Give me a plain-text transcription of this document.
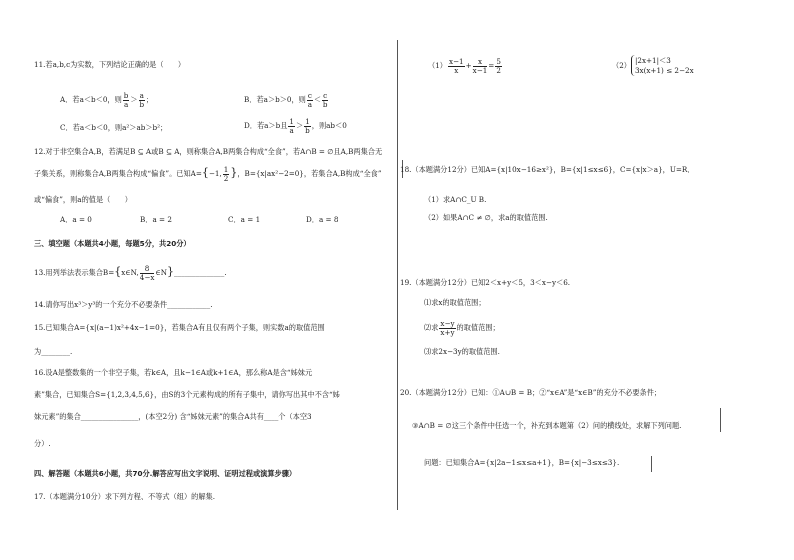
11.若a,b,c为实数，下列结论正确的是（　　）
A．若a＜b＜0，则 $\frac{b}{a} > \frac{a}{b}$ ；	B．若a＞b＞0，则 $\frac{c}{a} < \frac{c}{b}$
C．若a＜b＜0，则a²＞ab＞b²；	D．若a＞b且 $\frac{1}{a} > \frac{1}{b}$ ，则ab＜0
12.对于非空集合A,B，若满足B ⊆ A或B ⊆ A，则称集合A,B两集合构成“全食”，若A∩B = ∅且A,B两集合无
子集关系，则称集合A,B两集合构成“偏食”。已知A={−1, $\frac{1}{2}$ }，B={x|ax²−2=0}，若集合A,B构成“全食”
或“偏食”，则a的值是（　　）
A．a = 0	B．a = 2	C．a = 1	D．a = 8
三、填空题（本题共4小题，每题5分，共20分）
13.用列举法表示集合B={x∈N, $\frac{8}{4-x}$ ∈N}______________.
14.请你写出x³＞y³的一个充分不必要条件____________.
15.已知集合A={x|(a−1)x²+4x−1=0}，若集合A有且仅有两个子集，则实数a的取值范围
为________.
16.设A是整数集的一个非空子集，若k∈A，且k−1∈A或k+1∈A，那么称A是含“姊妹元
素”集合，已知集合S={1,2,3,4,5,6}，由S的3个元素构成的所有子集中，请你写出其中不含“姊
妹元素”的集合________________，(本空2分) 含“姊妹元素”的集合A共有____个（本空3
分）.
四、解答题（本题共6小题，共70分.解答应写出文字说明、证明过程或演算步骤）
17.（本题满分10分）求下列方程、不等式（组）的解集.
$(1) \frac{x-1}{x} + \frac{x}{x-1} = \frac{5}{2}$	（2）
|2x+1|＜3
3x(x+1) ≤ 2−2x
18.（本题满分12分）已知A={x|10x−16≥x²}，B={x|1≤x≤6}，C={x|x＞a}，U=R．
（1）求A∩C_U B.
（2）如果A∩C ≠ ∅，求a的取值范围.
19.（本题满分12分）已知2＜x+y＜5，3＜x−y＜6.
⑴求x的取值范围；
⑵求 $\frac{x-y}{x+y}$ 的取值范围；
⑶求2x−3y的取值范围.
20.（本题满分12分）已知：①A∪B = B；②“x∈A”是“x∈B”的充分不必要条件；
③A∩B = ∅这三个条件中任选一个，补充到本题第（2）问的横线处，求解下列问题.
问题：已知集合A={x|2a−1≤x≤a+1}，B={x|−3≤x≤3}.
